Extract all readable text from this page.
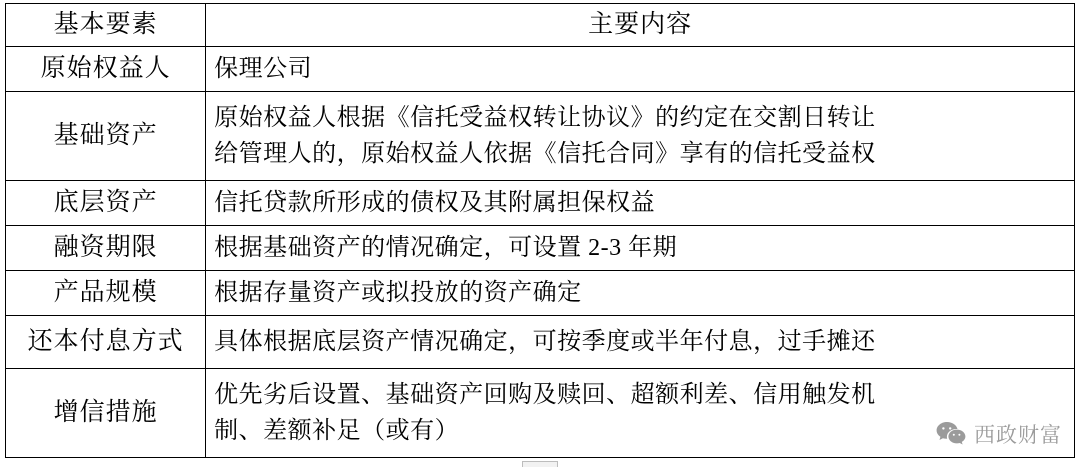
基本要素	主要内容
原始权益人	保理公司

基础资产	原始权益人根据《信托受益权转让协议》的约定在交割日转让
给管理人的，原始权益人依据《信托合同》享有的信托受益权

底层资产	信托贷款所形成的债权及其附属担保权益

融资期限	根据基础资产的情况确定，可设置 2-3 年期

产品规模	根据存量资产或拟投放的资产确定

还本付息方式	具体根据底层资产情况确定，可按季度或半年付息，过手摊还

增信措施	优先劣后设置、基础资产回购及赎回、超额利差、信用触发机
制、差额补足（或有）	西政财富
